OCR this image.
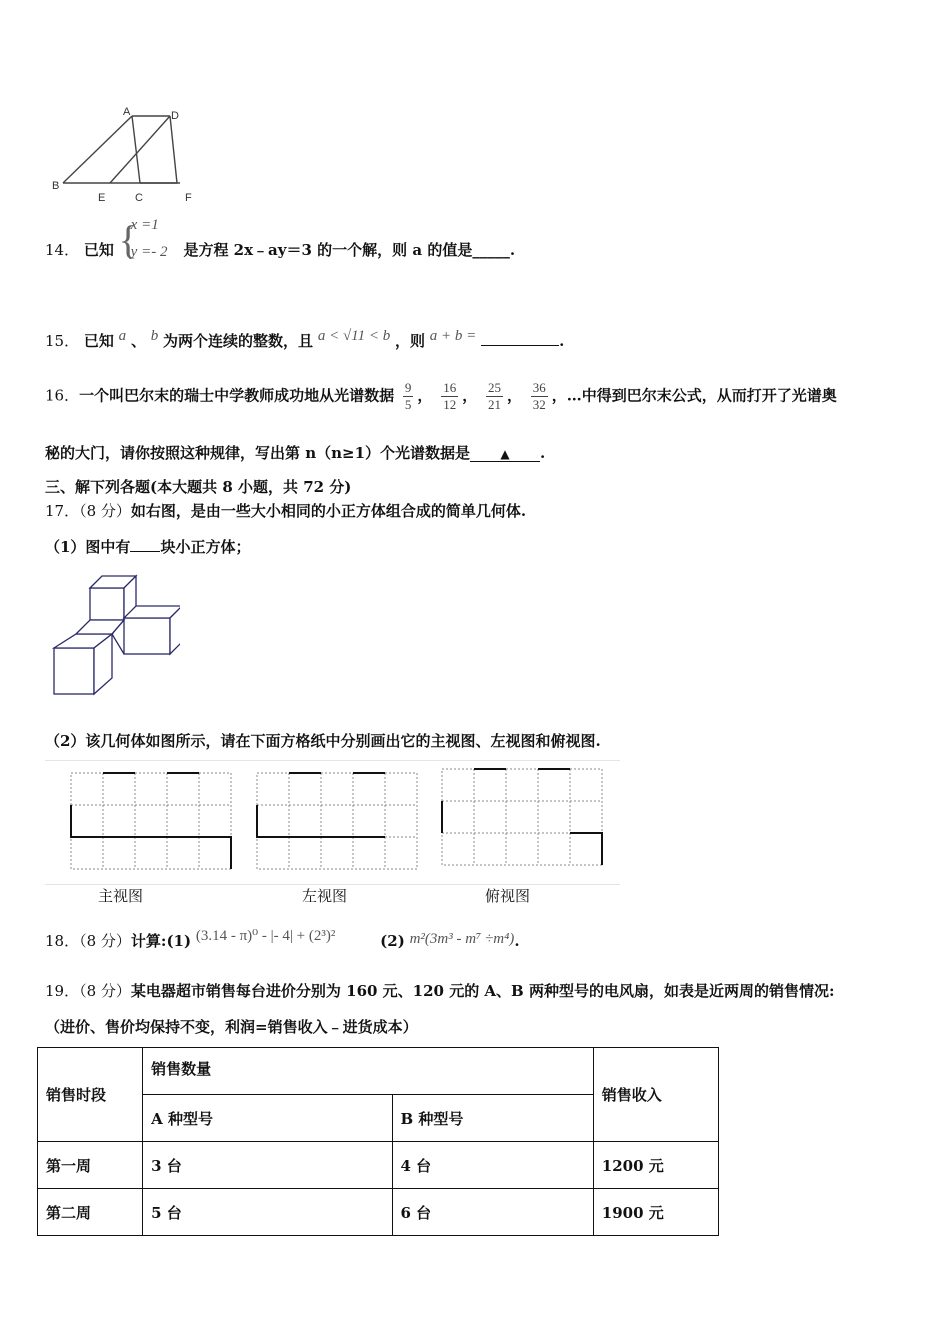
A	D
B
E	C	F
14． 已知 {
x =1
y =- 2 是方程 2x﹣ay＝3 的一个解，则 a 的值是_____.
15． 已知 a 、 b 为两个连续的整数，且 a < √11 < b ，则 a + b =	.
16．一个叫巴尔末的瑞士中学教师成功地从光谱数据 $\frac{9}{5}$ ， $\frac{16}{12}$ ， $\frac{25}{21}$ ， $\frac{36}{32}$ ，…中得到巴尔末公式，从而打开了光谱奥
秘的大门，请你按照这种规律，写出第 n（n≥1）个光谱数据是	▲ .
三、解下列各题(本大题共 8 小题，共 72 分)
17．（8 分）如右图，是由一些大小相同的小正方体组合成的简单几何体.
（1）图中有 块小正方体；
（2）该几何体如图所示，请在下面方格纸中分别画出它的主视图、左视图和俯视图.
主视图	左视图	俯视图
18．（8 分）计算:(1) (3.14 - π)⁰ - |- 4| + (2³)²	(2) m²(3m³ - m⁷ ÷m⁴).
19．（8 分）某电器超市销售每台进价分别为 160 元、120 元的 A、B 两种型号的电风扇，如表是近两周的销售情况:
（进价、售价均保持不变，利润=销售收入﹣进货成本）
销售时段	销售数量		销售收入
	A 种型号	B 种型号	
第一周	3 台	4 台	1200 元
第二周	5 台	6 台	1900 元
